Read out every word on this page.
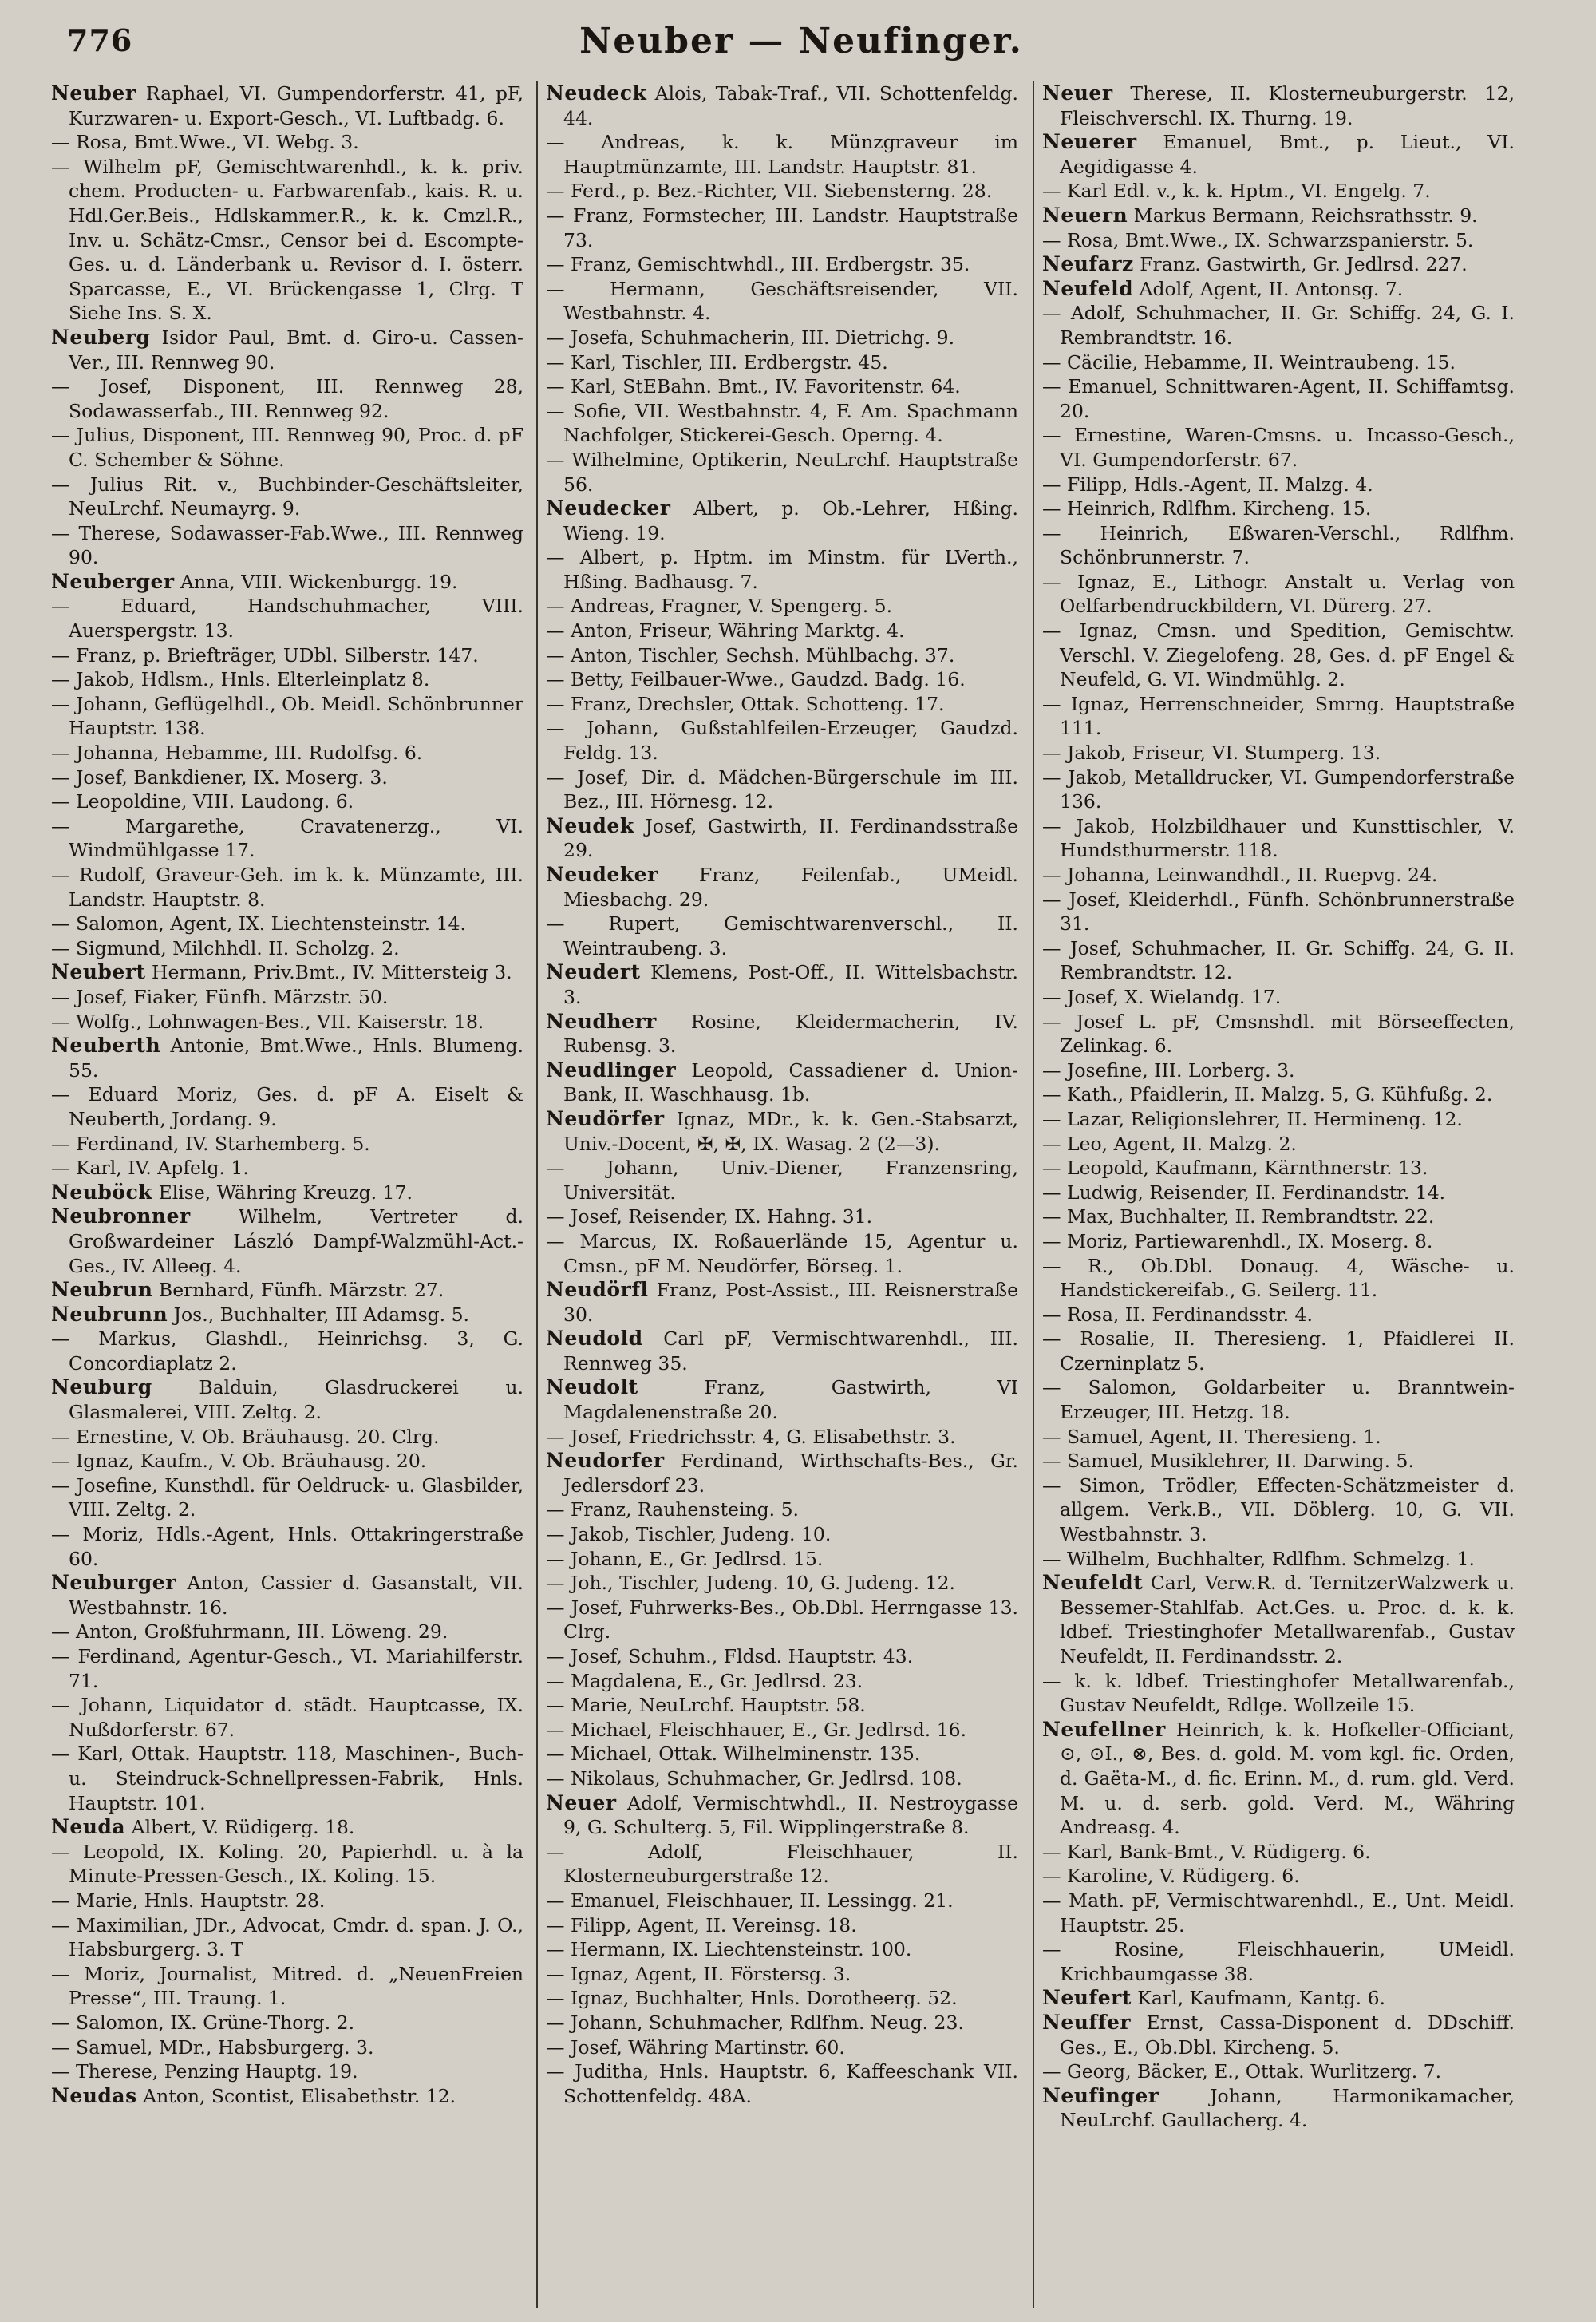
776	Neuber — Neufinger.
Neuber Raphael, VI. Gumpendorferstr. 41, pF, Kurzwaren- u. Export-Gesch., VI. Luftbadg. 6.
— Rosa, Bmt.Wwe., VI. Webg. 3.
— Wilhelm pF, Gemischtwarenhdl., k. k. priv. chem. Producten- u. Farbwarenfab., kais. R. u. Hdl.Ger.Beis., Hdlskammer.R., k. k. Cmzl.R., Inv. u. Schätz-Cmsr., Censor bei d. Escompte-Ges. u. d. Länderbank u. Revisor d. I. österr. Sparcasse, E., VI. Brückengasse 1, Clrg. T Siehe Ins. S. X.
Neuberg Isidor Paul, Bmt. d. Giro-u. Cassen-Ver., III. Rennweg 90.
— Josef, Disponent, III. Rennweg 28, Sodawasserfab., III. Rennweg 92.
— Julius, Disponent, III. Rennweg 90, Proc. d. pF C. Schember & Söhne.
— Julius Rit. v., Buchbinder-Geschäftsleiter, NeuLrchf. Neumayrg. 9.
— Therese, Sodawasser-Fab.Wwe., III. Rennweg 90.
Neuberger Anna, VIII. Wickenburgg. 19.
— Eduard, Handschuhmacher, VIII. Auerspergstr. 13.
— Franz, p. Briefträger, UDbl. Silberstr. 147.
— Jakob, Hdlsm., Hnls. Elterleinplatz 8.
— Johann, Geflügelhdl., Ob. Meidl. Schönbrunner Hauptstr. 138.
— Johanna, Hebamme, III. Rudolfsg. 6.
— Josef, Bankdiener, IX. Moserg. 3.
— Leopoldine, VIII. Laudong. 6.
— Margarethe, Cravatenerzg., VI. Windmühlgasse 17.
— Rudolf, Graveur-Geh. im k. k. Münzamte, III. Landstr. Hauptstr. 8.
— Salomon, Agent, IX. Liechtensteinstr. 14.
— Sigmund, Milchhdl. II. Scholzg. 2.
Neubert Hermann, Priv.Bmt., IV. Mittersteig 3.
— Josef, Fiaker, Fünfh. Märzstr. 50.
— Wolfg., Lohnwagen-Bes., VII. Kaiserstr. 18.
Neuberth Antonie, Bmt.Wwe., Hnls. Blumeng. 55.
— Eduard Moriz, Ges. d. pF A. Eiselt & Neuberth, Jordang. 9.
— Ferdinand, IV. Starhemberg. 5.
— Karl, IV. Apfelg. 1.
Neuböck Elise, Währing Kreuzg. 17.
Neubronner Wilhelm, Vertreter d. Großwardeiner László Dampf-Walzmühl-Act.-Ges., IV. Alleeg. 4.
Neubrun Bernhard, Fünfh. Märzstr. 27.
Neubrunn Jos., Buchhalter, III Adamsg. 5.
— Markus, Glashdl., Heinrichsg. 3, G. Concordiaplatz 2.
Neuburg Balduin, Glasdruckerei u. Glasmalerei, VIII. Zeltg. 2.
— Ernestine, V. Ob. Bräuhausg. 20. Clrg.
— Ignaz, Kaufm., V. Ob. Bräuhausg. 20.
— Josefine, Kunsthdl. für Oeldruck- u. Glasbilder, VIII. Zeltg. 2.
— Moriz, Hdls.-Agent, Hnls. Ottakringerstraße 60.
Neuburger Anton, Cassier d. Gasanstalt, VII. Westbahnstr. 16.
— Anton, Großfuhrmann, III. Löweng. 29.
— Ferdinand, Agentur-Gesch., VI. Mariahilferstr. 71.
— Johann, Liquidator d. städt. Hauptcasse, IX. Nußdorferstr. 67.
— Karl, Ottak. Hauptstr. 118, Maschinen-, Buch- u. Steindruck-Schnellpressen-Fabrik, Hnls. Hauptstr. 101.
Neuda Albert, V. Rüdigerg. 18.
— Leopold, IX. Koling. 20, Papierhdl. u. à la Minute-Pressen-Gesch., IX. Koling. 15.
— Marie, Hnls. Hauptstr. 28.
— Maximilian, JDr., Advocat, Cmdr. d. span. J. O., Habsburgerg. 3. T
— Moriz, Journalist, Mitred. d. „NeuenFreien Presse“, III. Traung. 1.
— Salomon, IX. Grüne-Thorg. 2.
— Samuel, MDr., Habsburgerg. 3.
— Therese, Penzing Hauptg. 19.
Neudas Anton, Scontist, Elisabethstr. 12.
Neudeck Alois, Tabak-Traf., VII. Schottenfeldg. 44.
— Andreas, k. k. Münzgraveur im Hauptmünzamte, III. Landstr. Hauptstr. 81.
— Ferd., p. Bez.-Richter, VII. Siebensterng. 28.
— Franz, Formstecher, III. Landstr. Hauptstraße 73.
— Franz, Gemischtwhdl., III. Erdbergstr. 35.
— Hermann, Geschäftsreisender, VII. Westbahnstr. 4.
— Josefa, Schuhmacherin, III. Dietrichg. 9.
— Karl, Tischler, III. Erdbergstr. 45.
— Karl, StEBahn. Bmt., IV. Favoritenstr. 64.
— Sofie, VII. Westbahnstr. 4, F. Am. Spachmann Nachfolger, Stickerei-Gesch. Operng. 4.
— Wilhelmine, Optikerin, NeuLrchf. Hauptstraße 56.
Neudecker Albert, p. Ob.-Lehrer, Hßing. Wieng. 19.
— Albert, p. Hptm. im Minstm. für LVerth., Hßing. Badhausg. 7.
— Andreas, Fragner, V. Spengerg. 5.
— Anton, Friseur, Währing Marktg. 4.
— Anton, Tischler, Sechsh. Mühlbachg. 37.
— Betty, Feilbauer-Wwe., Gaudzd. Badg. 16.
— Franz, Drechsler, Ottak. Schotteng. 17.
— Johann, Gußstahlfeilen-Erzeuger, Gaudzd. Feldg. 13.
— Josef, Dir. d. Mädchen-Bürgerschule im III. Bez., III. Hörnesg. 12.
Neudek Josef, Gastwirth, II. Ferdinandsstraße 29.
Neudeker Franz, Feilenfab., UMeidl. Miesbachg. 29.
— Rupert, Gemischtwarenverschl., II. Weintraubeng. 3.
Neudert Klemens, Post-Off., II. Wittelsbachstr. 3.
Neudherr Rosine, Kleidermacherin, IV. Rubensg. 3.
Neudlinger Leopold, Cassadiener d. Union-Bank, II. Waschhausg. 1b.
Neudörfer Ignaz, MDr., k. k. Gen.-Stabsarzt, Univ.-Docent, ✠, ✠, IX. Wasag. 2 (2—3).
— Johann, Univ.-Diener, Franzensring, Universität.
— Josef, Reisender, IX. Hahng. 31.
— Marcus, IX. Roßauerlände 15, Agentur u. Cmsn., pF M. Neudörfer, Börseg. 1.
Neudörfl Franz, Post-Assist., III. Reisnerstraße 30.
Neudold Carl pF, Vermischtwarenhdl., III. Rennweg 35.
Neudolt Franz, Gastwirth, VI Magdalenenstraße 20.
— Josef, Friedrichsstr. 4, G. Elisabethstr. 3.
Neudorfer Ferdinand, Wirthschafts-Bes., Gr. Jedlersdorf 23.
— Franz, Rauhensteing. 5.
— Jakob, Tischler, Judeng. 10.
— Johann, E., Gr. Jedlrsd. 15.
— Joh., Tischler, Judeng. 10, G. Judeng. 12.
— Josef, Fuhrwerks-Bes., Ob.Dbl. Herrngasse 13. Clrg.
— Josef, Schuhm., Fldsd. Hauptstr. 43.
— Magdalena, E., Gr. Jedlrsd. 23.
— Marie, NeuLrchf. Hauptstr. 58.
— Michael, Fleischhauer, E., Gr. Jedlrsd. 16.
— Michael, Ottak. Wilhelminenstr. 135.
— Nikolaus, Schuhmacher, Gr. Jedlrsd. 108.
Neuer Adolf, Vermischtwhdl., II. Nestroygasse 9, G. Schulterg. 5, Fil. Wipplingerstraße 8.
— Adolf, Fleischhauer, II. Klosterneuburgerstraße 12.
— Emanuel, Fleischhauer, II. Lessingg. 21.
— Filipp, Agent, II. Vereinsg. 18.
— Hermann, IX. Liechtensteinstr. 100.
— Ignaz, Agent, II. Förstersg. 3.
— Ignaz, Buchhalter, Hnls. Dorotheerg. 52.
— Johann, Schuhmacher, Rdlfhm. Neug. 23.
— Josef, Währing Martinstr. 60.
— Juditha, Hnls. Hauptstr. 6, Kaffeeschank VII. Schottenfeldg. 48A.
Neuer Therese, II. Klosterneuburgerstr. 12, Fleischverschl. IX. Thurng. 19.
Neuerer Emanuel, Bmt., p. Lieut., VI. Aegidigasse 4.
— Karl Edl. v., k. k. Hptm., VI. Engelg. 7.
Neuern Markus Bermann, Reichsrathsstr. 9.
— Rosa, Bmt.Wwe., IX. Schwarzspanierstr. 5.
Neufarz Franz. Gastwirth, Gr. Jedlrsd. 227.
Neufeld Adolf, Agent, II. Antonsg. 7.
— Adolf, Schuhmacher, II. Gr. Schiffg. 24, G. I. Rembrandtstr. 16.
— Cäcilie, Hebamme, II. Weintraubeng. 15.
— Emanuel, Schnittwaren-Agent, II. Schiffamtsg. 20.
— Ernestine, Waren-Cmsns. u. Incasso-Gesch., VI. Gumpendorferstr. 67.
— Filipp, Hdls.-Agent, II. Malzg. 4.
— Heinrich, Rdlfhm. Kircheng. 15.
— Heinrich, Eßwaren-Verschl., Rdlfhm. Schönbrunnerstr. 7.
— Ignaz, E., Lithogr. Anstalt u. Verlag von Oelfarbendruckbildern, VI. Dürerg. 27.
— Ignaz, Cmsn. und Spedition, Gemischtw. Verschl. V. Ziegelofeng. 28, Ges. d. pF Engel & Neufeld, G. VI. Windmühlg. 2.
— Ignaz, Herrenschneider, Smrng. Hauptstraße 111.
— Jakob, Friseur, VI. Stumperg. 13.
— Jakob, Metalldrucker, VI. Gumpendorferstraße 136.
— Jakob, Holzbildhauer und Kunsttischler, V. Hundsthurmerstr. 118.
— Johanna, Leinwandhdl., II. Ruepvg. 24.
— Josef, Kleiderhdl., Fünfh. Schönbrunnerstraße 31.
— Josef, Schuhmacher, II. Gr. Schiffg. 24, G. II. Rembrandtstr. 12.
— Josef, X. Wielandg. 17.
— Josef L. pF, Cmsnshdl. mit Börseeffecten, Zelinkag. 6.
— Josefine, III. Lorberg. 3.
— Kath., Pfaidlerin, II. Malzg. 5, G. Kühfußg. 2.
— Lazar, Religionslehrer, II. Hermineng. 12.
— Leo, Agent, II. Malzg. 2.
— Leopold, Kaufmann, Kärnthnerstr. 13.
— Ludwig, Reisender, II. Ferdinandstr. 14.
— Max, Buchhalter, II. Rembrandtstr. 22.
— Moriz, Partiewarenhdl., IX. Moserg. 8.
— R., Ob.Dbl. Donaug. 4, Wäsche- u. Handstickereifab., G. Seilerg. 11.
— Rosa, II. Ferdinandsstr. 4.
— Rosalie, II. Theresieng. 1, Pfaidlerei II. Czerninplatz 5.
— Salomon, Goldarbeiter u. Branntwein-Erzeuger, III. Hetzg. 18.
— Samuel, Agent, II. Theresieng. 1.
— Samuel, Musiklehrer, II. Darwing. 5.
— Simon, Trödler, Effecten-Schätzmeister d. allgem. Verk.B., VII. Döblerg. 10, G. VII. Westbahnstr. 3.
— Wilhelm, Buchhalter, Rdlfhm. Schmelzg. 1.
Neufeldt Carl, Verw.R. d. TernitzerWalzwerk u. Bessemer-Stahlfab. Act.Ges. u. Proc. d. k. k. ldbef. Triestinghofer Metallwarenfab., Gustav Neufeldt, II. Ferdinandsstr. 2.
— k. k. ldbef. Triestinghofer Metallwarenfab., Gustav Neufeldt, Rdlge. Wollzeile 15.
Neufellner Heinrich, k. k. Hofkeller-Officiant, ⊙, ⊙I., ⊗, Bes. d. gold. M. vom kgl. fic. Orden, d. Gaëta-M., d. fic. Erinn. M., d. rum. gld. Verd. M. u. d. serb. gold. Verd. M., Währing Andreasg. 4.
— Karl, Bank-Bmt., V. Rüdigerg. 6.
— Karoline, V. Rüdigerg. 6.
— Math. pF, Vermischtwarenhdl., E., Unt. Meidl. Hauptstr. 25.
— Rosine, Fleischhauerin, UMeidl. Krichbaumgasse 38.
Neufert Karl, Kaufmann, Kantg. 6.
Neuffer Ernst, Cassa-Disponent d. DDschiff. Ges., E., Ob.Dbl. Kircheng. 5.
— Georg, Bäcker, E., Ottak. Wurlitzerg. 7.
Neufinger Johann, Harmonikamacher, NeuLrchf. Gaullacherg. 4.
